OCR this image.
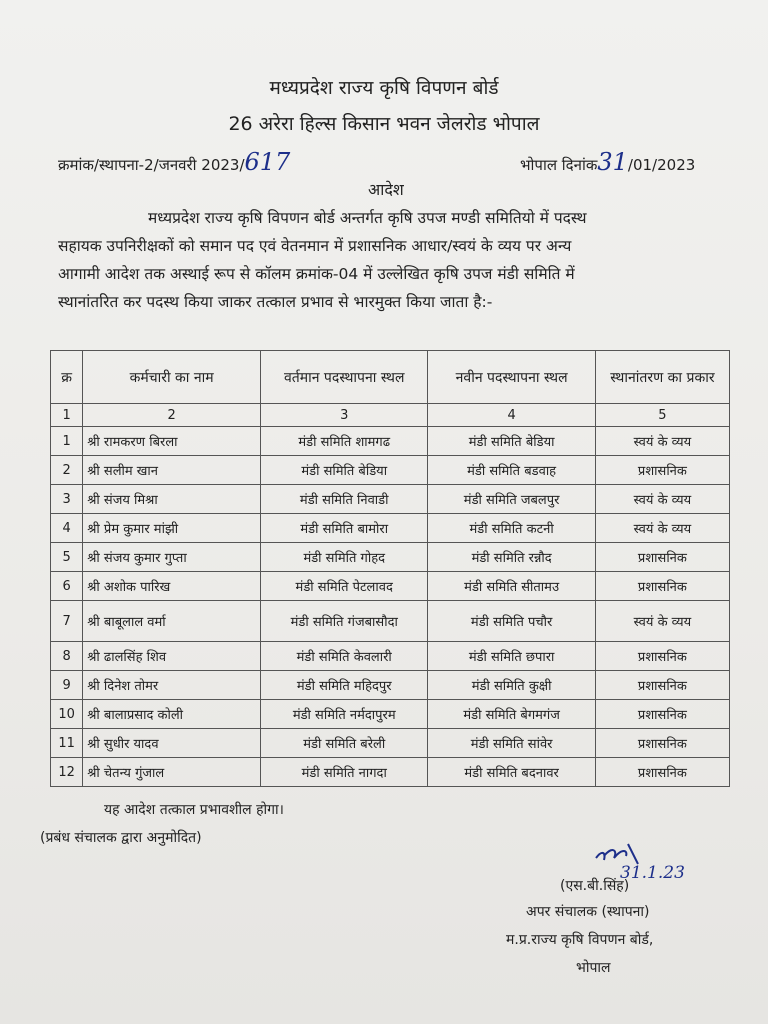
मध्यप्रदेश राज्य कृषि विपणन बोर्ड
26 अरेरा हिल्स किसान भवन जेलरोड भोपाल
क्रमांक/स्थापना-2/जनवरी 2023/617	भोपाल दिनांक31/01/2023
आदेश
मध्यप्रदेश राज्य कृषि विपणन बोर्ड अन्तर्गत कृषि उपज मण्डी समितियो में पदस्थ
सहायक उपनिरीक्षकों को समान पद एवं वेतनमान में प्रशासनिक आधार/स्वयं के व्यय पर अन्य
आगामी आदेश तक अस्थाई रूप से कॉलम क्रमांक-04 में उल्लेखित कृषि उपज मंडी समिति में
स्थानांतरित कर पदस्थ किया जाकर तत्काल प्रभाव से भारमुक्त किया जाता है:-
क्र	कर्मचारी का नाम	वर्तमान पदस्थापना स्थल	नवीन पदस्थापना स्थल	स्थानांतरण का प्रकार
1	2	3	4	5
1	श्री रामकरण बिरला	मंडी समिति शामगढ	मंडी समिति बेडिया	स्वयं के व्यय
2	श्री सलीम खान	मंडी समिति बेडिया	मंडी समिति बडवाह	प्रशासनिक
3	श्री संजय मिश्रा	मंडी समिति निवाडी	मंडी समिति जबलपुर	स्वयं के व्यय
4	श्री प्रेम कुमार मांझी	मंडी समिति बामोरा	मंडी समिति कटनी	स्वयं के व्यय
5	श्री संजय कुमार गुप्ता	मंडी समिति गोहद	मंडी समिति रन्नौद	प्रशासनिक
6	श्री अशोक पारिख	मंडी समिति पेटलावद	मंडी समिति सीतामउ	प्रशासनिक
7	श्री बाबूलाल वर्मा	मंडी समिति गंजबासौदा	मंडी समिति पचौर	स्वयं के व्यय
8	श्री ढालसिंह शिव	मंडी समिति केवलारी	मंडी समिति छपारा	प्रशासनिक
9	श्री दिनेश तोमर	मंडी समिति महिदपुर	मंडी समिति कुक्षी	प्रशासनिक
10	श्री बालाप्रसाद कोली	मंडी समिति नर्मदापुरम	मंडी समिति बेगमगंज	प्रशासनिक
11	श्री सुधीर यादव	मंडी समिति बरेली	मंडी समिति सांवेर	प्रशासनिक
12	श्री चेतन्य गुंजाल	मंडी समिति नागदा	मंडी समिति बदनावर	प्रशासनिक
यह आदेश तत्काल प्रभावशील होगा।
(प्रबंध संचालक द्वारा अनुमोदित)
31.1.23
(एस.बी.सिंह)
अपर संचालक (स्थापना)
म.प्र.राज्य कृषि विपणन बोर्ड,
भोपाल
